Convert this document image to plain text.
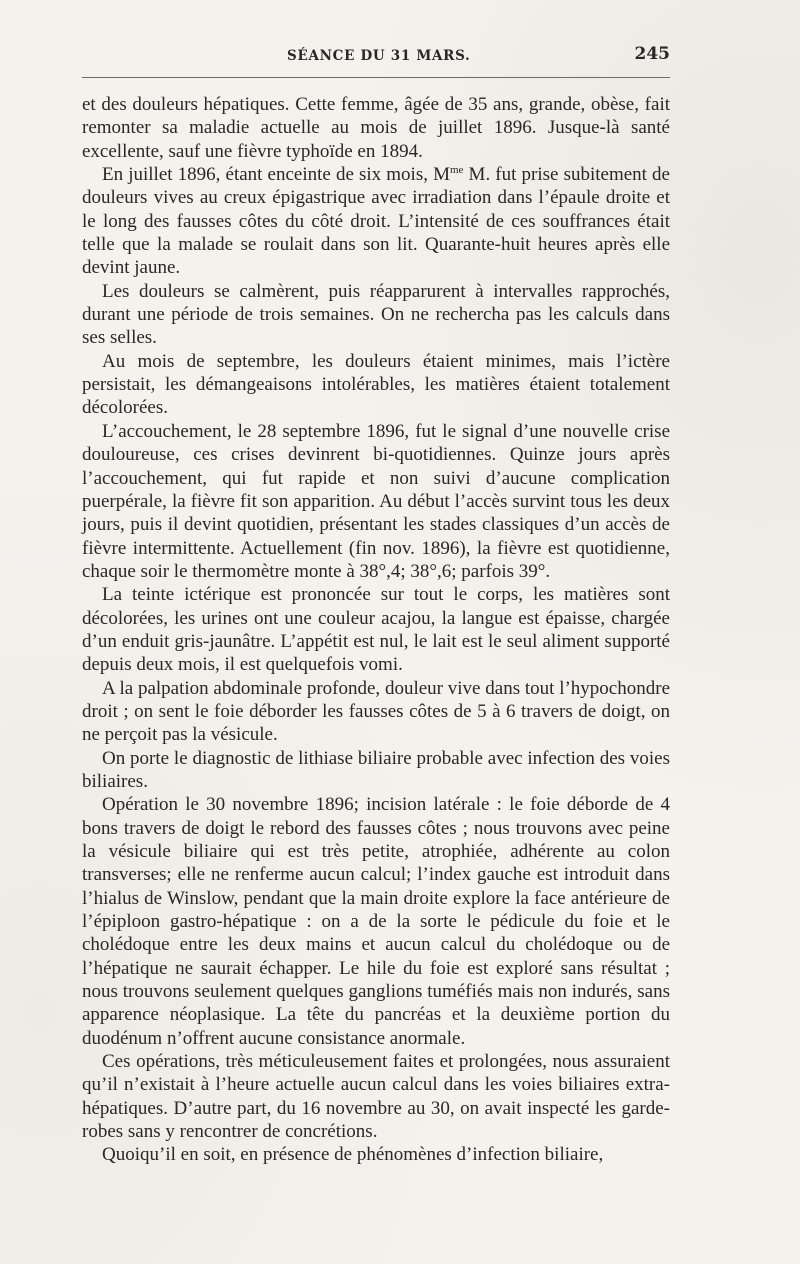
SÉANCE DU 31 MARS.	245

et des douleurs hépatiques. Cette femme, âgée de 35 ans, grande, obèse, fait remonter sa maladie actuelle au mois de juillet 1896. Jusque-là santé excellente, sauf une fièvre typhoïde en 1894.

En juillet 1896, étant enceinte de six mois, $M^{me}$ M. fut prise subitement de douleurs vives au creux épigastrique avec irradiation dans l’épaule droite et le long des fausses côtes du côté droit. L’intensité de ces souffrances était telle que la malade se roulait dans son lit. Quarante-huit heures après elle devint jaune.

Les douleurs se calmèrent, puis réapparurent à intervalles rapprochés, durant une période de trois semaines. On ne rechercha pas les calculs dans ses selles.

Au mois de septembre, les douleurs étaient minimes, mais l’ictère persistait, les démangeaisons intolérables, les matières étaient totalement décolorées.

L’accouchement, le 28 septembre 1896, fut le signal d’une nouvelle crise douloureuse, ces crises devinrent bi-quotidiennes. Quinze jours après l’accouchement, qui fut rapide et non suivi d’aucune complication puerpérale, la fièvre fit son apparition. Au début l’accès survint tous les deux jours, puis il devint quotidien, présentant les stades classiques d’un accès de fièvre intermittente. Actuellement (fin nov. 1896), la fièvre est quotidienne, chaque soir le thermomètre monte à 38°,4; 38°,6; parfois 39°.

La teinte ictérique est prononcée sur tout le corps, les matières sont décolorées, les urines ont une couleur acajou, la langue est épaisse, chargée d’un enduit gris-jaunâtre. L’appétit est nul, le lait est le seul aliment supporté depuis deux mois, il est quelquefois vomi.

A la palpation abdominale profonde, douleur vive dans tout l’hypochondre droit ; on sent le foie déborder les fausses côtes de 5 à 6 travers de doigt, on ne perçoit pas la vésicule.

On porte le diagnostic de lithiase biliaire probable avec infection des voies biliaires.

Opération le 30 novembre 1896; incision latérale : le foie déborde de 4 bons travers de doigt le rebord des fausses côtes ; nous trouvons avec peine la vésicule biliaire qui est très petite, atrophiée, adhérente au colon transverses; elle ne renferme aucun calcul; l’index gauche est introduit dans l’hialus de Winslow, pendant que la main droite explore la face antérieure de l’épiploon gastro-hépatique : on a de la sorte le pédicule du foie et le cholédoque entre les deux mains et aucun calcul du cholédoque ou de l’hépatique ne saurait échapper. Le hile du foie est exploré sans résultat ; nous trouvons seulement quelques ganglions tuméfiés mais non indurés, sans apparence néoplasique. La tête du pancréas et la deuxième portion du duodénum n’offrent aucune consistance anormale.

Ces opérations, très méticuleusement faites et prolongées, nous assuraient qu’il n’existait à l’heure actuelle aucun calcul dans les voies biliaires extra-hépatiques. D’autre part, du 16 novembre au 30, on avait inspecté les garde-robes sans y rencontrer de concrétions.

Quoiqu’il en soit, en présence de phénomènes d’infection biliaire,
